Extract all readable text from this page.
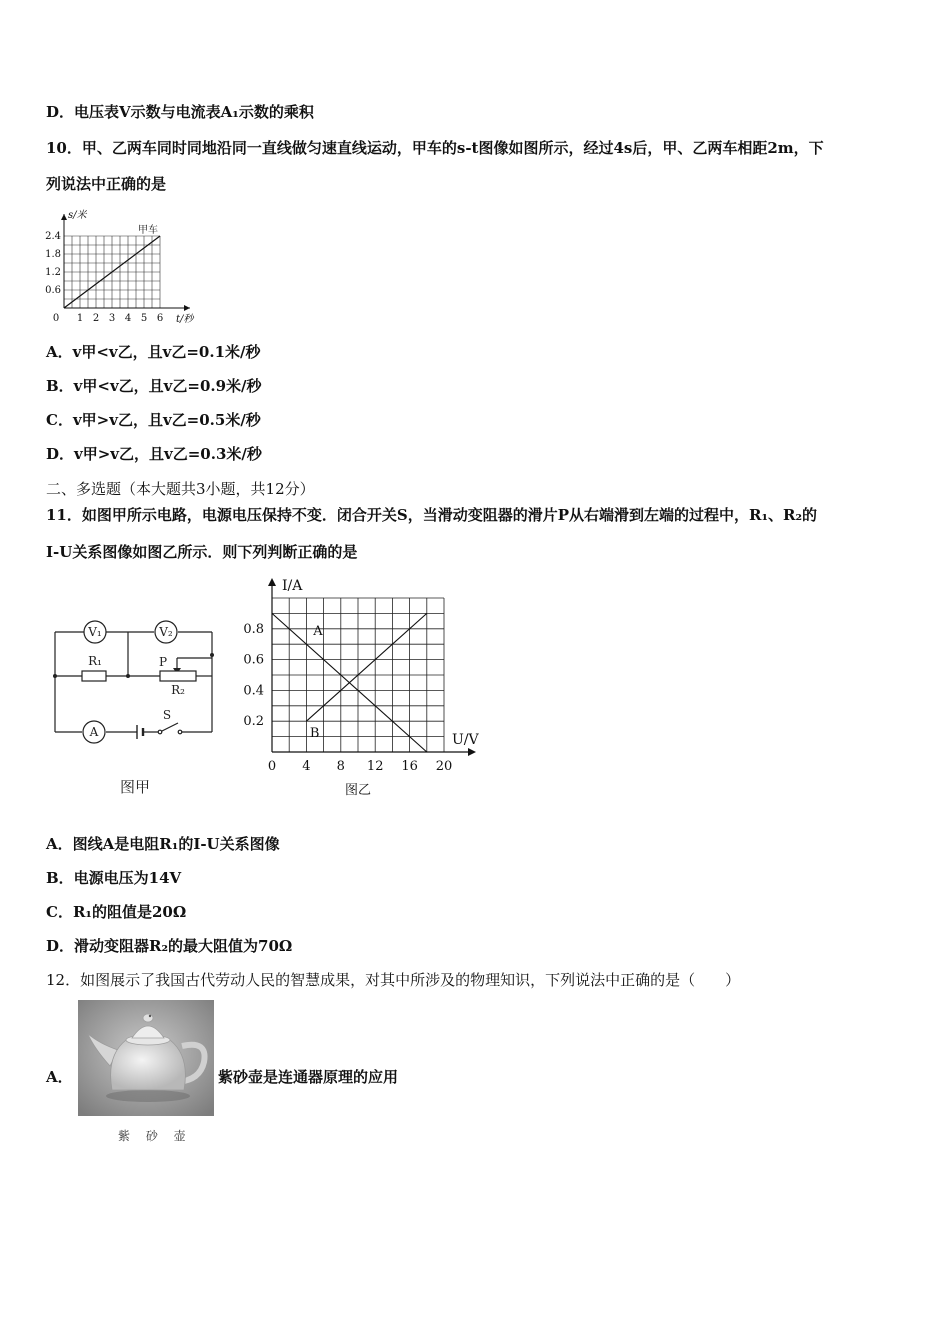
D．电压表V示数与电流表A₁示数的乘积
10．甲、乙两车同时同地沿同一直线做匀速直线运动，甲车的s-t图像如图所示，经过4s后，甲、乙两车相距2m，下
列说法中正确的是
0.6
1.2
1.8
2.4
1 2 3 4 5 6
0	t/秒
s/米
甲车
A．v甲<v乙，且v乙=0.1米/秒
B．v甲<v乙，且v乙=0.9米/秒
C．v甲>v乙，且v乙=0.5米/秒
D．v甲>v乙，且v乙=0.3米/秒
二、多选题（本大题共3小题，共12分）
11．如图甲所示电路，电源电压保持不变．闭合开关S，当滑动变阻器的滑片P从右端滑到左端的过程中，R₁、R₂的
I-U关系图像如图乙所示．则下列判断正确的是
V₁	V₂
R₁	P
R₂
A
S
图甲
0.2
0.4
0.6
0.8
0 4 8 12 16 20
U/V
I/A
A
B
图乙
A．图线A是电阻R₁的I-U关系图像
B．电源电压为14V
C．R₁的阻值是20Ω
D．滑动变阻器R₂的最大阻值为70Ω
12．如图展示了我国古代劳动人民的智慧成果，对其中所涉及的物理知识，下列说法中正确的是（　　）
A．
紫 砂 壶
紫砂壶是连通器原理的应用
